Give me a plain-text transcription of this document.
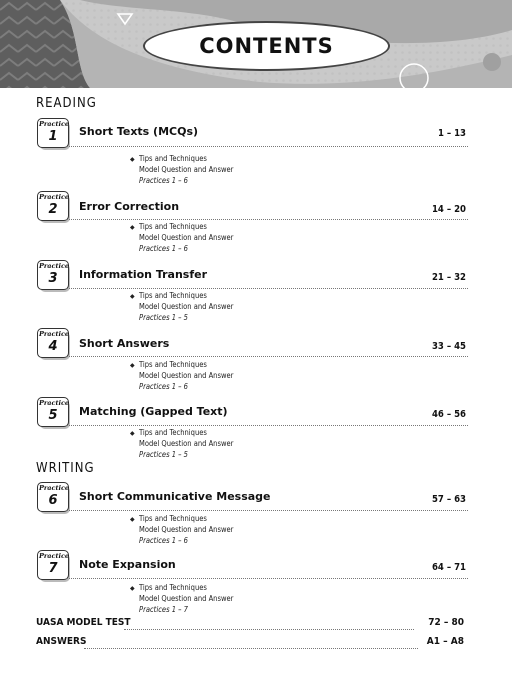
CONTENTS
READING
WRITING
Practice
1	Short Texts (MCQs)	1 – 13
◆ Tips and Techniques
Model Question and Answer
Practices 1 – 6
Practice
2	Error Correction	14 – 20
◆ Tips and Techniques
Model Question and Answer
Practices 1 – 6
Practice
3	Information Transfer	21 – 32
◆ Tips and Techniques
Model Question and Answer
Practices 1 – 5
Practice
4	Short Answers	33 – 45
◆ Tips and Techniques
Model Question and Answer
Practices 1 – 6
Practice
5	Matching (Gapped Text)	46 – 56
◆ Tips and Techniques
Model Question and Answer
Practices 1 – 5
Practice
6	Short Communicative Message	57 – 63
◆ Tips and Techniques
Model Question and Answer
Practices 1 – 6
Practice
7	Note Expansion	64 – 71
◆ Tips and Techniques
Model Question and Answer
Practices 1 – 7
UASA MODEL TEST	72 – 80
ANSWERS	A1 – A8
